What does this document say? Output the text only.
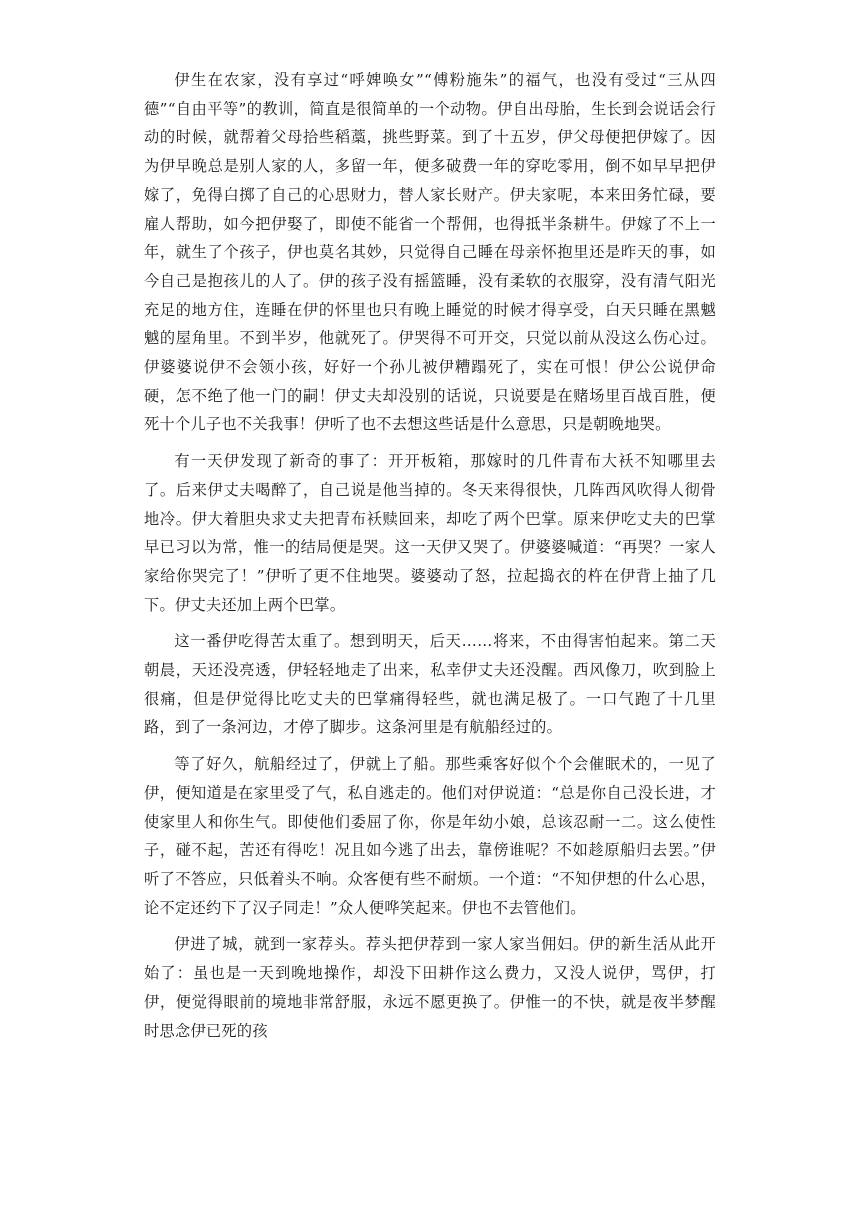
伊生在农家，没有享过“呼婢唤女”“傅粉施朱”的福气，也没有受过“三从四德”“自由平等”的教训，简直是很简单的一个动物。伊自出母胎，生长到会说话会行动的时候，就帮着父母拾些稻藁，挑些野菜。到了十五岁，伊父母便把伊嫁了。因为伊早晚总是别人家的人，多留一年，便多破费一年的穿吃零用，倒不如早早把伊嫁了，免得白掷了自己的心思财力，替人家长财产。伊夫家呢，本来田务忙碌，要雇人帮助，如今把伊娶了，即使不能省一个帮佣，也得抵半条耕牛。伊嫁了不上一年，就生了个孩子，伊也莫名其妙，只觉得自己睡在母亲怀抱里还是昨天的事，如今自己是抱孩儿的人了。伊的孩子没有摇篮睡，没有柔软的衣服穿，没有清气阳光充足的地方住，连睡在伊的怀里也只有晚上睡觉的时候才得享受，白天只睡在黑魆魆的屋角里。不到半岁，他就死了。伊哭得不可开交，只觉以前从没这么伤心过。伊婆婆说伊不会领小孩，好好一个孙儿被伊糟蹋死了，实在可恨！伊公公说伊命硬，怎不绝了他一门的嗣！伊丈夫却没别的话说，只说要是在赌场里百战百胜，便死十个儿子也不关我事！伊听了也不去想这些话是什么意思，只是朝晚地哭。

有一天伊发现了新奇的事了：开开板箱，那嫁时的几件青布大袄不知哪里去了。后来伊丈夫喝醉了，自己说是他当掉的。冬天来得很快，几阵西风吹得人彻骨地冷。伊大着胆央求丈夫把青布袄赎回来，却吃了两个巴掌。原来伊吃丈夫的巴掌早已习以为常，惟一的结局便是哭。这一天伊又哭了。伊婆婆喊道：“再哭？一家人家给你哭完了！”伊听了更不住地哭。婆婆动了怒，拉起捣衣的杵在伊背上抽了几下。伊丈夫还加上两个巴掌。

这一番伊吃得苦太重了。想到明天，后天……将来，不由得害怕起来。第二天朝晨，天还没亮透，伊轻轻地走了出来，私幸伊丈夫还没醒。西风像刀，吹到脸上很痛，但是伊觉得比吃丈夫的巴掌痛得轻些，就也满足极了。一口气跑了十几里路，到了一条河边，才停了脚步。这条河里是有航船经过的。

等了好久，航船经过了，伊就上了船。那些乘客好似个个会催眠术的，一见了伊，便知道是在家里受了气，私自逃走的。他们对伊说道：“总是你自己没长进，才使家里人和你生气。即使他们委屈了你，你是年幼小娘，总该忍耐一二。这么使性子，碰不起，苦还有得吃！况且如今逃了出去，靠傍谁呢？不如趁原船归去罢。”伊听了不答应，只低着头不响。众客便有些不耐烦。一个道：“不知伊想的什么心思，论不定还约下了汉子同走！”众人便哗笑起来。伊也不去管他们。

伊进了城，就到一家荐头。荐头把伊荐到一家人家当佣妇。伊的新生活从此开始了：虽也是一天到晚地操作，却没下田耕作这么费力，又没人说伊，骂伊，打伊，便觉得眼前的境地非常舒服，永远不愿更换了。伊惟一的不快，就是夜半梦醒时思念伊已死的孩
